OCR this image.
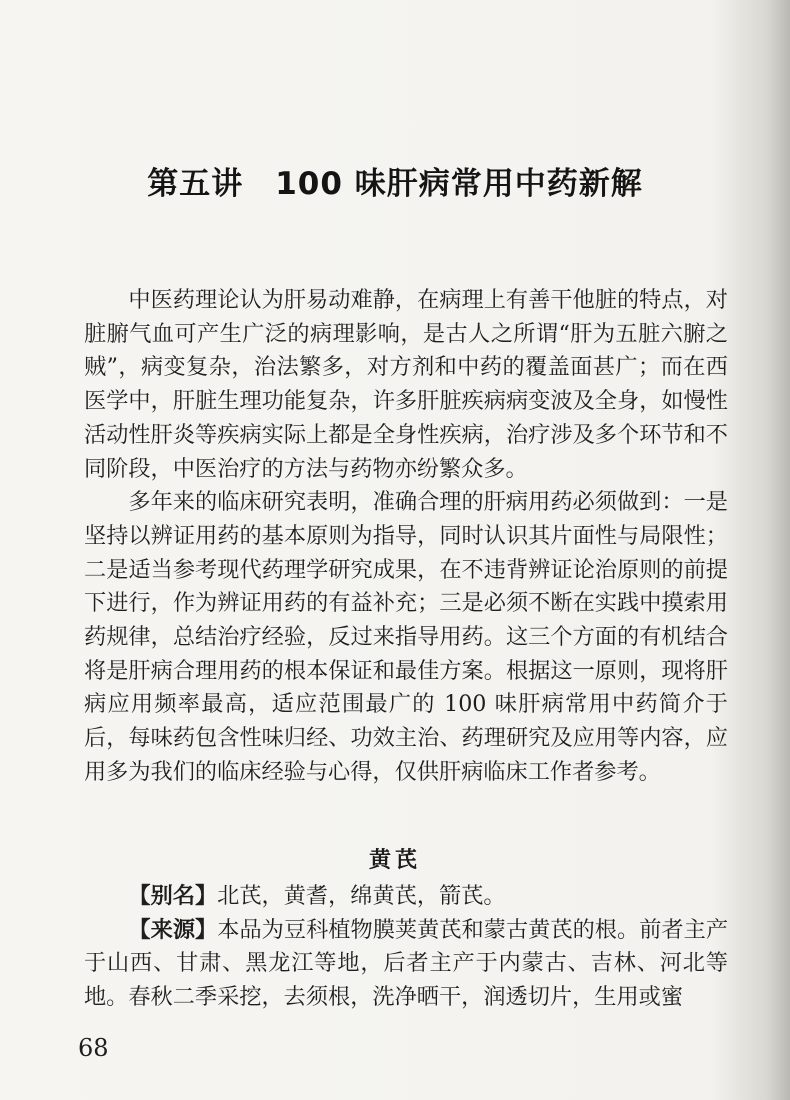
第五讲　100 味肝病常用中药新解

中医药理论认为肝易动难静，在病理上有善干他脏的特点，对脏腑气血可产生广泛的病理影响，是古人之所谓“肝为五脏六腑之贼”，病变复杂，治法繁多，对方剂和中药的覆盖面甚广；而在西医学中，肝脏生理功能复杂，许多肝脏疾病病变波及全身，如慢性活动性肝炎等疾病实际上都是全身性疾病，治疗涉及多个环节和不同阶段，中医治疗的方法与药物亦纷繁众多。

多年来的临床研究表明，准确合理的肝病用药必须做到：一是坚持以辨证用药的基本原则为指导，同时认识其片面性与局限性；二是适当参考现代药理学研究成果，在不违背辨证论治原则的前提下进行，作为辨证用药的有益补充；三是必须不断在实践中摸索用药规律，总结治疗经验，反过来指导用药。这三个方面的有机结合将是肝病合理用药的根本保证和最佳方案。根据这一原则，现将肝病应用频率最高，适应范围最广的 100 味肝病常用中药简介于后，每味药包含性味归经、功效主治、药理研究及应用等内容，应用多为我们的临床经验与心得，仅供肝病临床工作者参考。

黄芪

【别名】北芪，黄耆，绵黄芪，箭芪。

【来源】本品为豆科植物膜荚黄芪和蒙古黄芪的根。前者主产于山西、甘肃、黑龙江等地，后者主产于内蒙古、吉林、河北等地。春秋二季采挖，去须根，洗净晒干，润透切片，生用或蜜

68
